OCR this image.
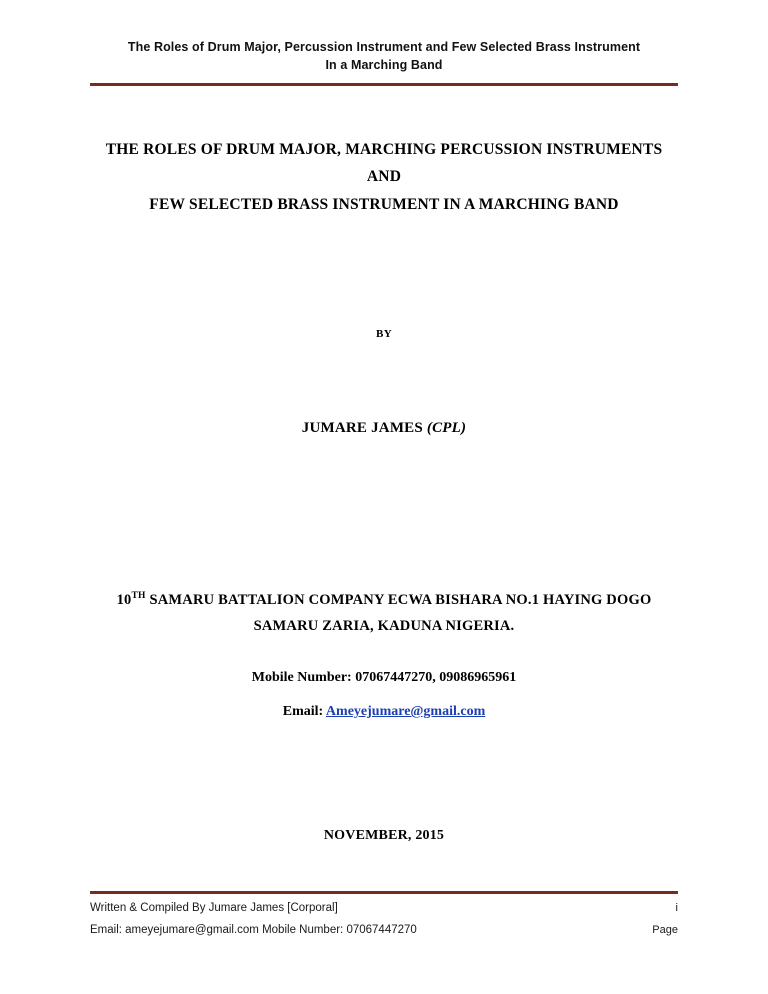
The Roles of Drum Major, Percussion Instrument and Few Selected Brass Instrument
In a Marching Band
THE ROLES OF DRUM MAJOR, MARCHING PERCUSSION INSTRUMENTS AND
FEW SELECTED BRASS INSTRUMENT IN A MARCHING BAND
BY
JUMARE JAMES (CPL)
10TH SAMARU BATTALION COMPANY ECWA BISHARA NO.1 HAYING DOGO
SAMARU ZARIA, KADUNA NIGERIA.
Mobile Number: 07067447270, 09086965961
Email: Ameyejumare@gmail.com
NOVEMBER, 2015
Written & Compiled By Jumare James [Corporal]	i
Email: ameyejumare@gmail.com Mobile Number: 07067447270	Page
